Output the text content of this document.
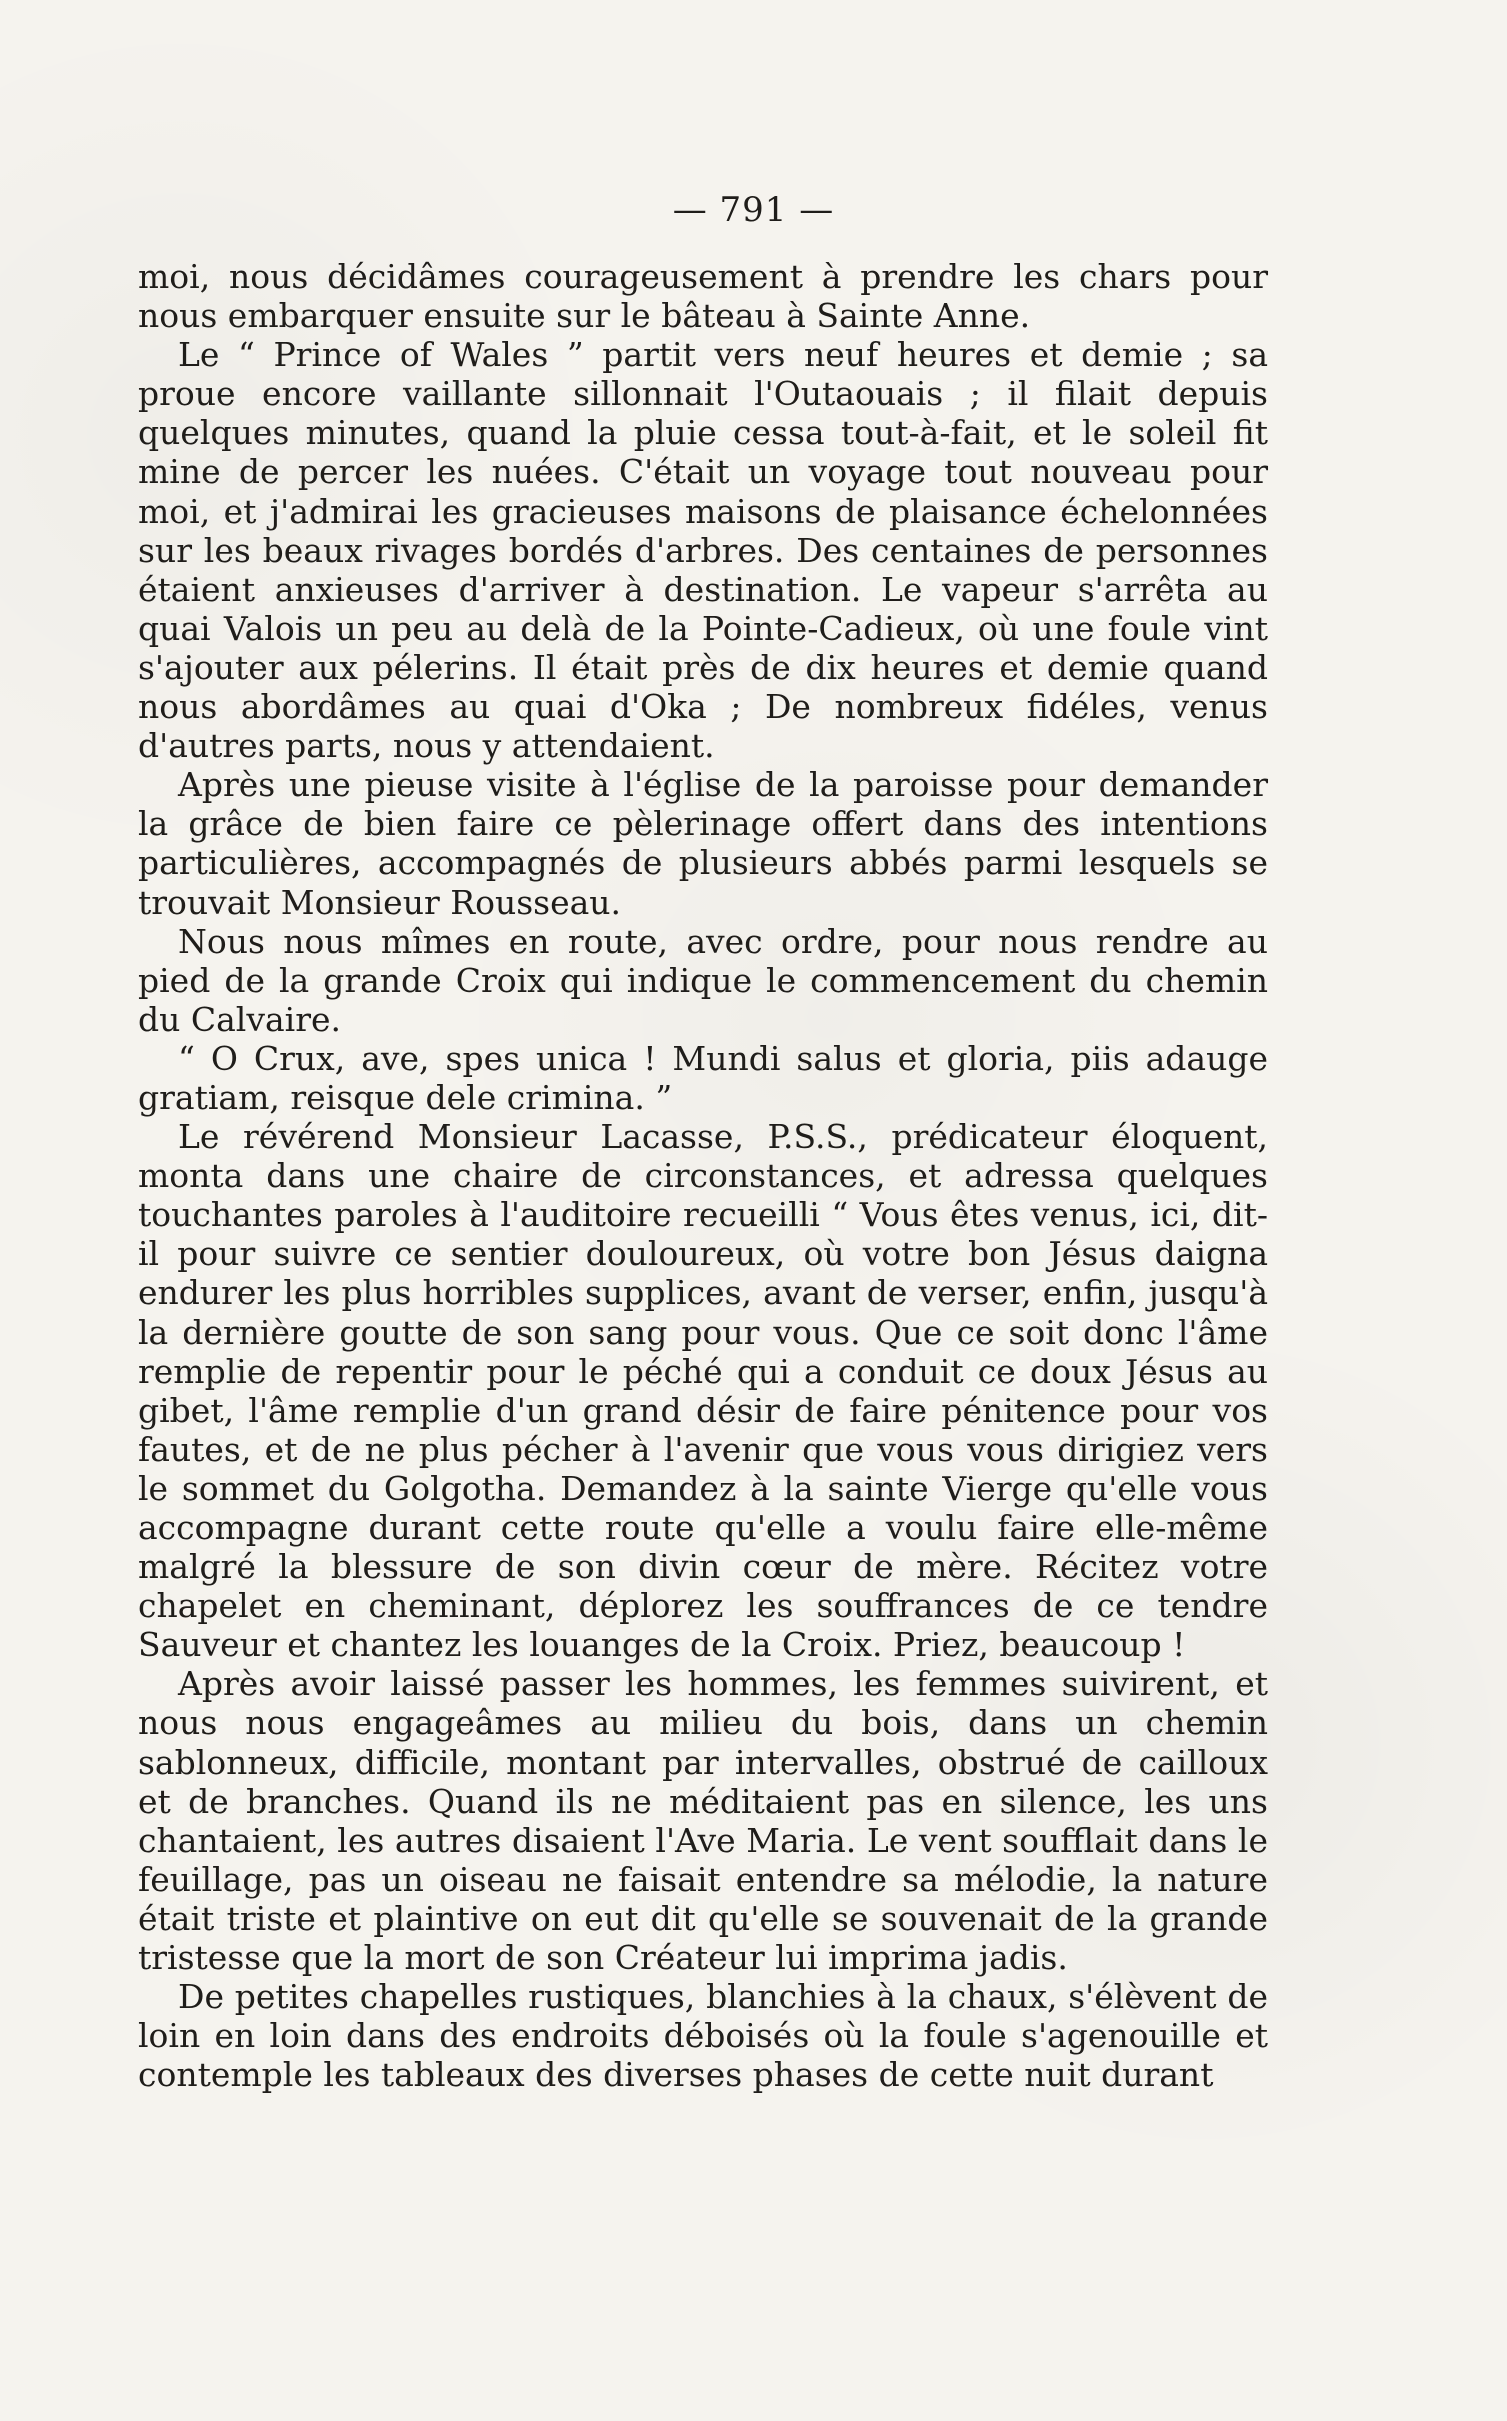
— 791 —

moi, nous décidâmes courageusement à prendre les chars pour nous embarquer ensuite sur le bâteau à Sainte Anne.

Le “ Prince of Wales ” partit vers neuf heures et demie ; sa proue encore vaillante sillonnait l'Outaouais ; il filait depuis quelques minutes, quand la pluie cessa tout-à-fait, et le soleil fit mine de percer les nuées. C'était un voyage tout nouveau pour moi, et j'admirai les gracieuses maisons de plaisance échelonnées sur les beaux rivages bordés d'arbres. Des centaines de personnes étaient anxieuses d'arriver à destination. Le vapeur s'arrêta au quai Valois un peu au delà de la Pointe-Cadieux, où une foule vint s'ajouter aux pélerins. Il était près de dix heures et demie quand nous abordâmes au quai d'Oka ; De nombreux fidéles, venus d'autres parts, nous y attendaient.

Après une pieuse visite à l'église de la paroisse pour demander la grâce de bien faire ce pèlerinage offert dans des intentions particulières, accompagnés de plusieurs abbés parmi lesquels se trouvait Monsieur Rousseau.

Nous nous mîmes en route, avec ordre, pour nous rendre au pied de la grande Croix qui indique le commencement du chemin du Calvaire.

“ O Crux, ave, spes unica ! Mundi salus et gloria, piis adauge gratiam, reisque dele crimina. ”

Le révérend Monsieur Lacasse, P.S.S., prédicateur éloquent, monta dans une chaire de circonstances, et adressa quelques touchantes paroles à l'auditoire recueilli “ Vous êtes venus, ici, dit-il pour suivre ce sentier douloureux, où votre bon Jésus daigna endurer les plus horribles supplices, avant de verser, enfin, jusqu'à la dernière goutte de son sang pour vous. Que ce soit donc l'âme remplie de repentir pour le péché qui a conduit ce doux Jésus au gibet, l'âme remplie d'un grand désir de faire pénitence pour vos fautes, et de ne plus pécher à l'avenir que vous vous dirigiez vers le sommet du Golgotha. Demandez à la sainte Vierge qu'elle vous accompagne durant cette route qu'elle a voulu faire elle-même malgré la blessure de son divin cœur de mère. Récitez votre chapelet en cheminant, déplorez les souffrances de ce tendre Sauveur et chantez les louanges de la Croix. Priez, beaucoup !

Après avoir laissé passer les hommes, les femmes suivirent, et nous nous engageâmes au milieu du bois, dans un chemin sablonneux, difficile, montant par intervalles, obstrué de cailloux et de branches. Quand ils ne méditaient pas en silence, les uns chantaient, les autres disaient l'Ave Maria. Le vent soufflait dans le feuillage, pas un oiseau ne faisait entendre sa mélodie, la nature était triste et plaintive on eut dit qu'elle se souvenait de la grande tristesse que la mort de son Créateur lui imprima jadis.

De petites chapelles rustiques, blanchies à la chaux, s'élèvent de loin en loin dans des endroits déboisés où la foule s'agenouille et contemple les tableaux des diverses phases de cette nuit durant
